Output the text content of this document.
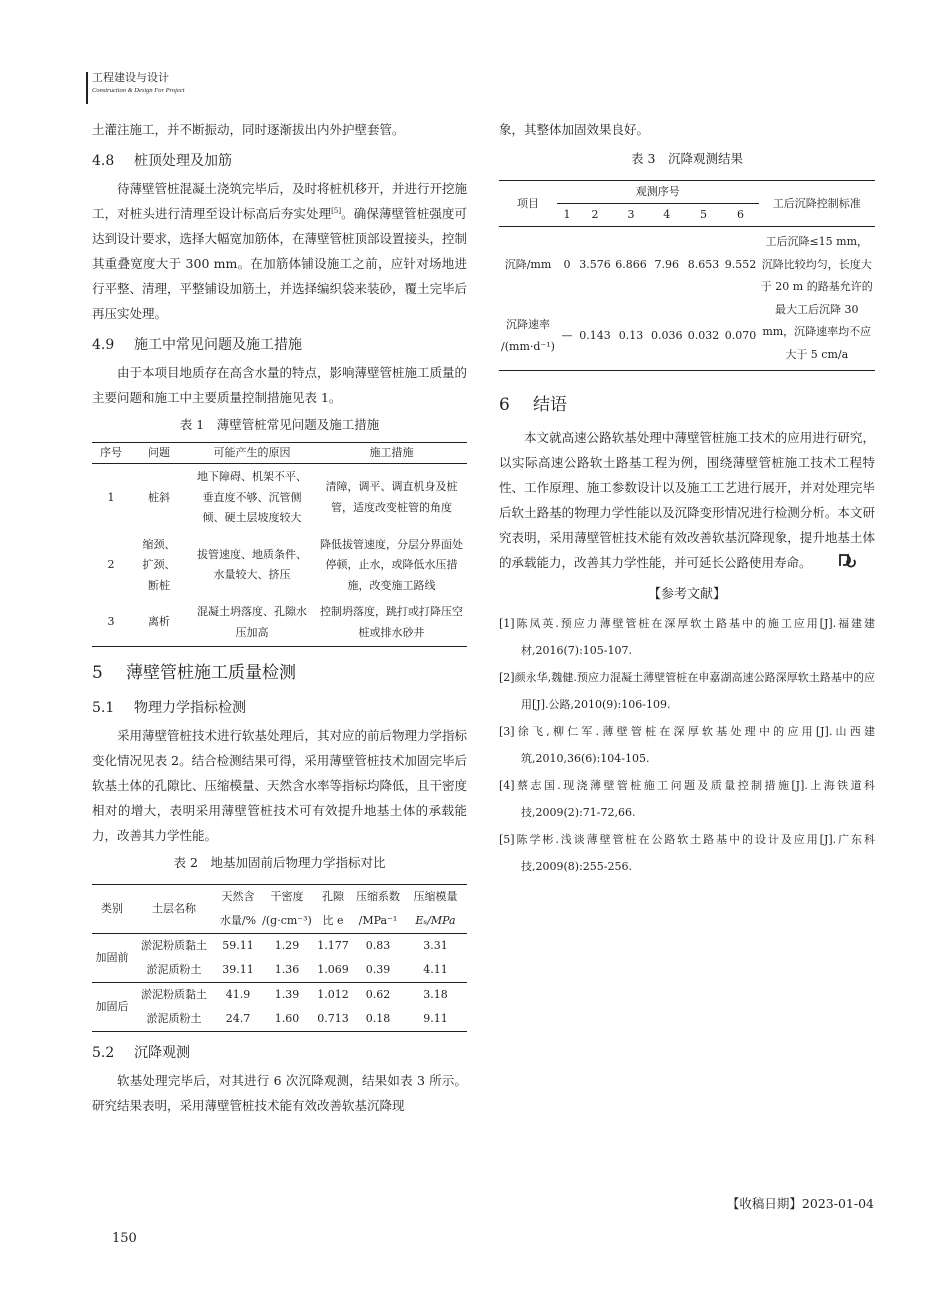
工程建设与设计
Construction & Design For Project

土灌注施工，并不断振动，同时逐渐拔出内外护壁套管。

4.8 桩顶处理及加筋

待薄壁管桩混凝土浇筑完毕后，及时将桩机移开，并进行开挖施工，对桩头进行清理至设计标高后夯实处理[5]。确保薄壁管桩强度可达到设计要求，选择大幅宽加筋体，在薄壁管桩顶部设置接头，控制其重叠宽度大于 300 mm。在加筋体铺设施工之前，应针对场地进行平整、清理，平整铺设加筋土，并选择编织袋来装砂，覆土完毕后再压实处理。

4.9 施工中常见问题及施工措施

由于本项目地质存在高含水量的特点，影响薄壁管桩施工质量的主要问题和施工中主要质量控制措施见表 1。

表 1　薄壁管桩常见问题及施工措施
序号	问题	可能产生的原因	施工措施
1	桩斜	地下障碍、机架不平、垂直度不够、沉管侧倾、硬土层坡度较大	清障，调平、调直机身及桩管，适度改变桩管的角度
2	缩颈、扩颈、断桩	拔管速度、地质条件、水量较大、挤压	降低拔管速度，分层分界面处停顿，止水，或降低水压措施，改变施工路线
3	离析	混凝土坍落度、孔隙水压加高	控制坍落度，跳打或打降压空桩或排水砂井
5 薄壁管桩施工质量检测
5.1 物理力学指标检测

采用薄壁管桩技术进行软基处理后，其对应的前后物理力学指标变化情况见表 2。结合检测结果可得，采用薄壁管桩技术加固完毕后软基土体的孔隙比、压缩模量、天然含水率等指标均降低，且干密度相对的增大，表明采用薄壁管桩技术可有效提升地基土体的承载能力，改善其力学性能。

表 2　地基加固前后物理力学指标对比
类别	土层名称	天然含	干密度	孔隙	压缩系数	压缩模量
		水量/%	/(g·cm⁻³)	比 e	/MPa⁻¹	Eₛ/MPa
加固前	淤泥粉质黏土	59.11	1.29	1.177	0.83	3.31
	淤泥质粉土	39.11	1.36	1.069	0.39	4.11
加固后	淤泥粉质黏土	41.9	1.39	1.012	0.62	3.18
	淤泥质粉土	24.7	1.60	0.713	0.18	9.11
5.2 沉降观测

软基处理完毕后，对其进行 6 次沉降观测，结果如表 3 所示。研究结果表明，采用薄壁管桩技术能有效改善软基沉降现

象，其整体加固效果良好。

表 3　沉降观测结果
项目	观测序号						工后沉降控制标准
	1	2	3	4	5	6	
沉降/mm	0	3.576	6.866	7.96	8.653	9.552	工后沉降≤15 mm，沉降比较均匀，长度大于 20 m 的路基允许的最大工后沉降 30 mm，沉降速率均不应大于 5 cm/a

沉降速率
/(mm·d⁻¹)	—	0.143	0.13	0.036	0.032	0.070	
6 结语

本文就高速公路软基处理中薄壁管桩施工技术的应用进行研究，以实际高速公路软土路基工程为例，围绕薄壁管桩施工技术工程特性、工作原理、施工参数设计以及施工工艺进行展开，并对处理完毕后软土路基的物理力学性能以及沉降变形情况进行检测分析。本文研究表明，采用薄壁管桩技术能有效改善软基沉降现象，提升地基土体的承载能力，改善其力学性能，并可延长公路使用寿命。

【参考文献】
[1]陈凤英.预应力薄壁管桩在深厚软土路基中的施工应用[J].福建建材,2016(7):105-107.
[2]颜永华,魏健.预应力混凝土薄壁管桩在申嘉湖高速公路深厚软土路基中的应用[J].公路,2010(9):106-109.
[3]徐飞,柳仁军.薄壁管桩在深厚软基处理中的应用[J].山西建筑,2010,36(6):104-105.
[4]蔡志国.现浇薄壁管桩施工问题及质量控制措施[J].上海铁道科技,2009(2):71-72,66.
[5]陈学彬.浅谈薄壁管桩在公路软土路基中的设计及应用[J].广东科技,2009(8):255-256.
【收稿日期】2023-01-04
150
